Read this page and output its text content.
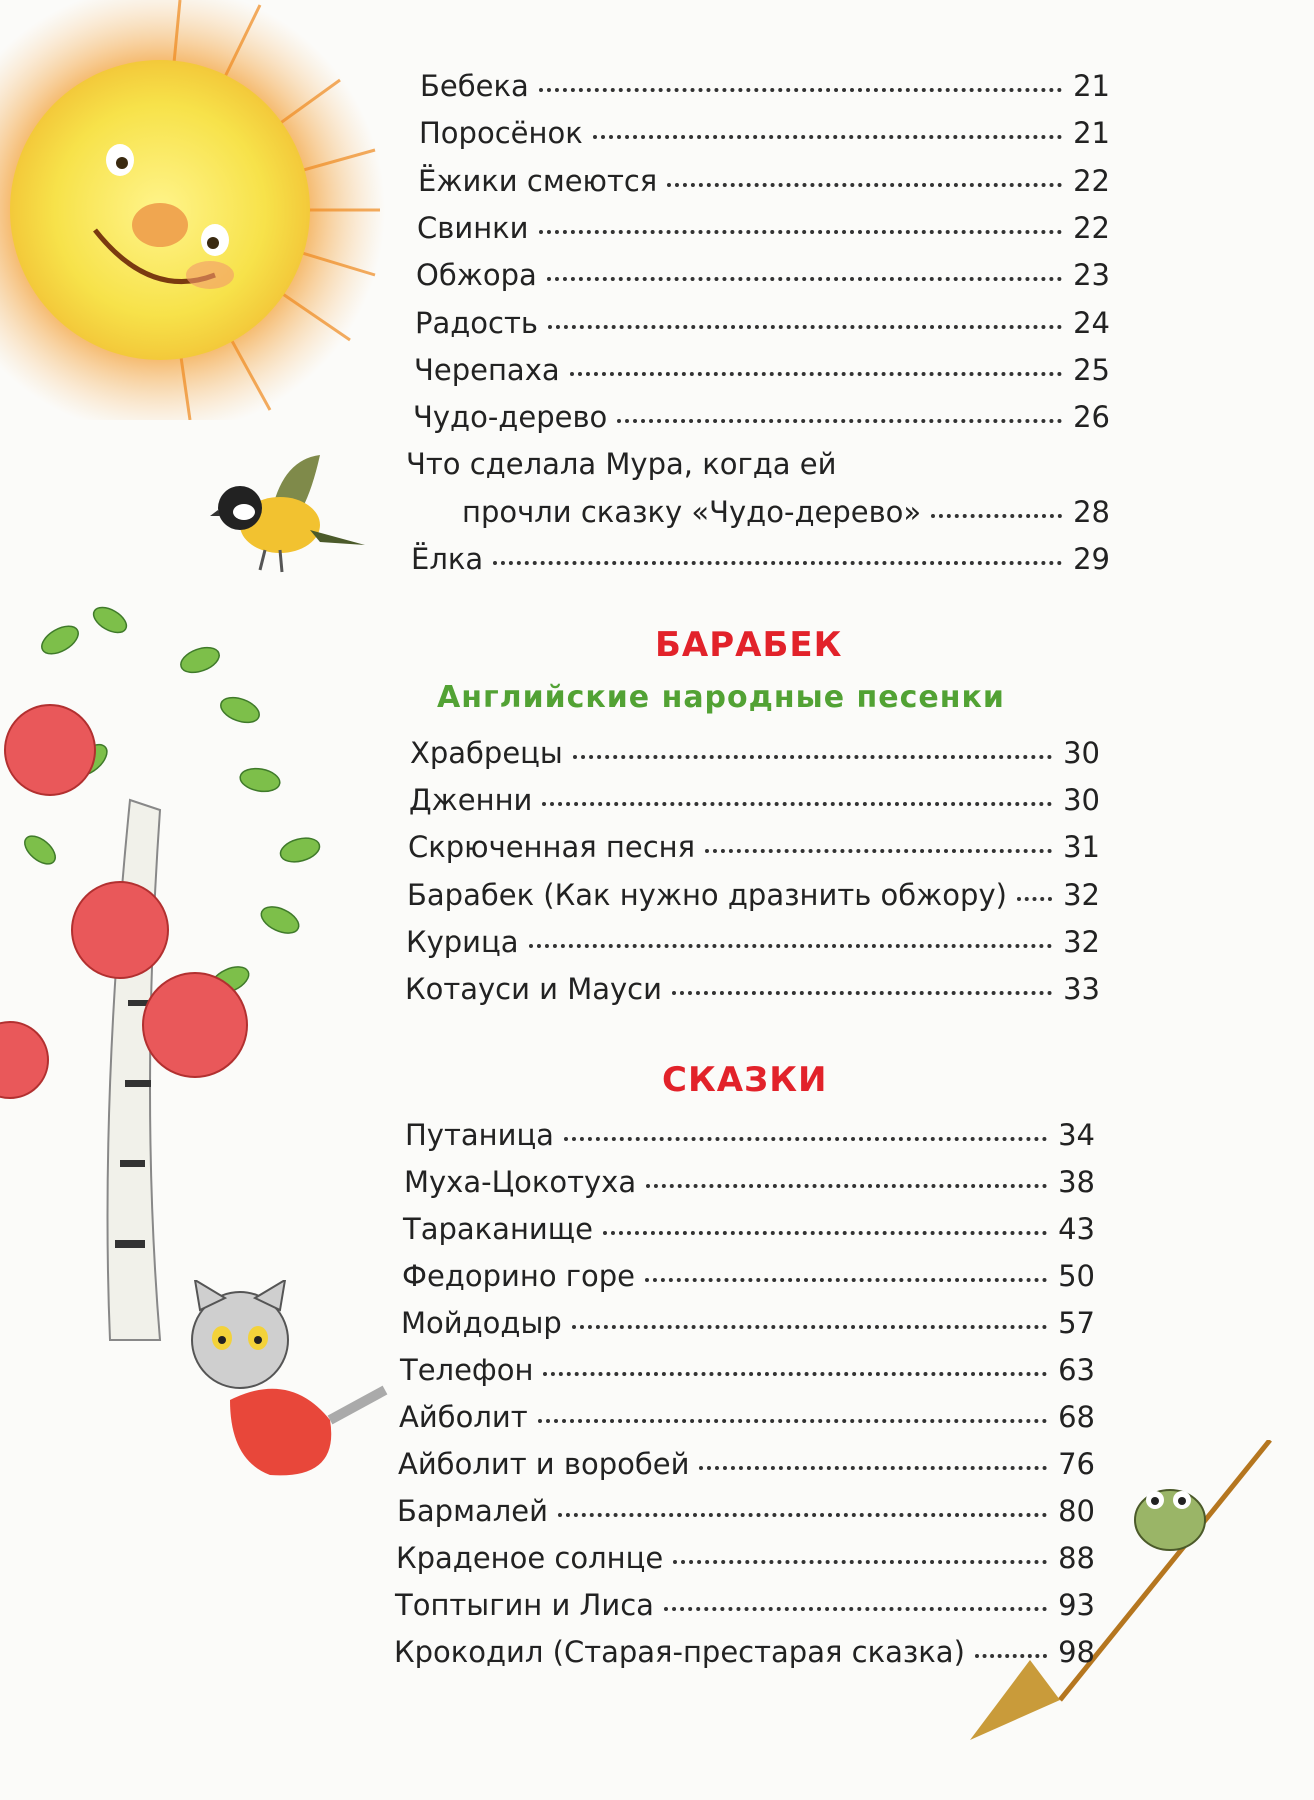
Бебека	21
Поросёнок	21
Ёжики смеются	22
Свинки	22
Обжора	23
Радость	24
Черепаха	25
Чудо-дерево	26
Что сделала Мура, когда ей
прочли сказку «Чудо-дерево»	28
Ёлка	29
БАРАБЕК
Английские народные песенки
Храбрецы	30
Дженни	30
Скрюченная песня	31
Барабек (Как нужно дразнить обжору) 32
Курица	32
Котауси и Мауси	33
СКАЗКИ
Путаница	34
Муха-Цокотуха	38
Тараканище	43
Федорино горе	50
Мойдодыр	57
Телефон	63
Айболит	68
Айболит и воробей	76
Бармалей	80
Краденое солнце	88
Топтыгин и Лиса	93
Крокодил (Старая-престарая сказка)	98
